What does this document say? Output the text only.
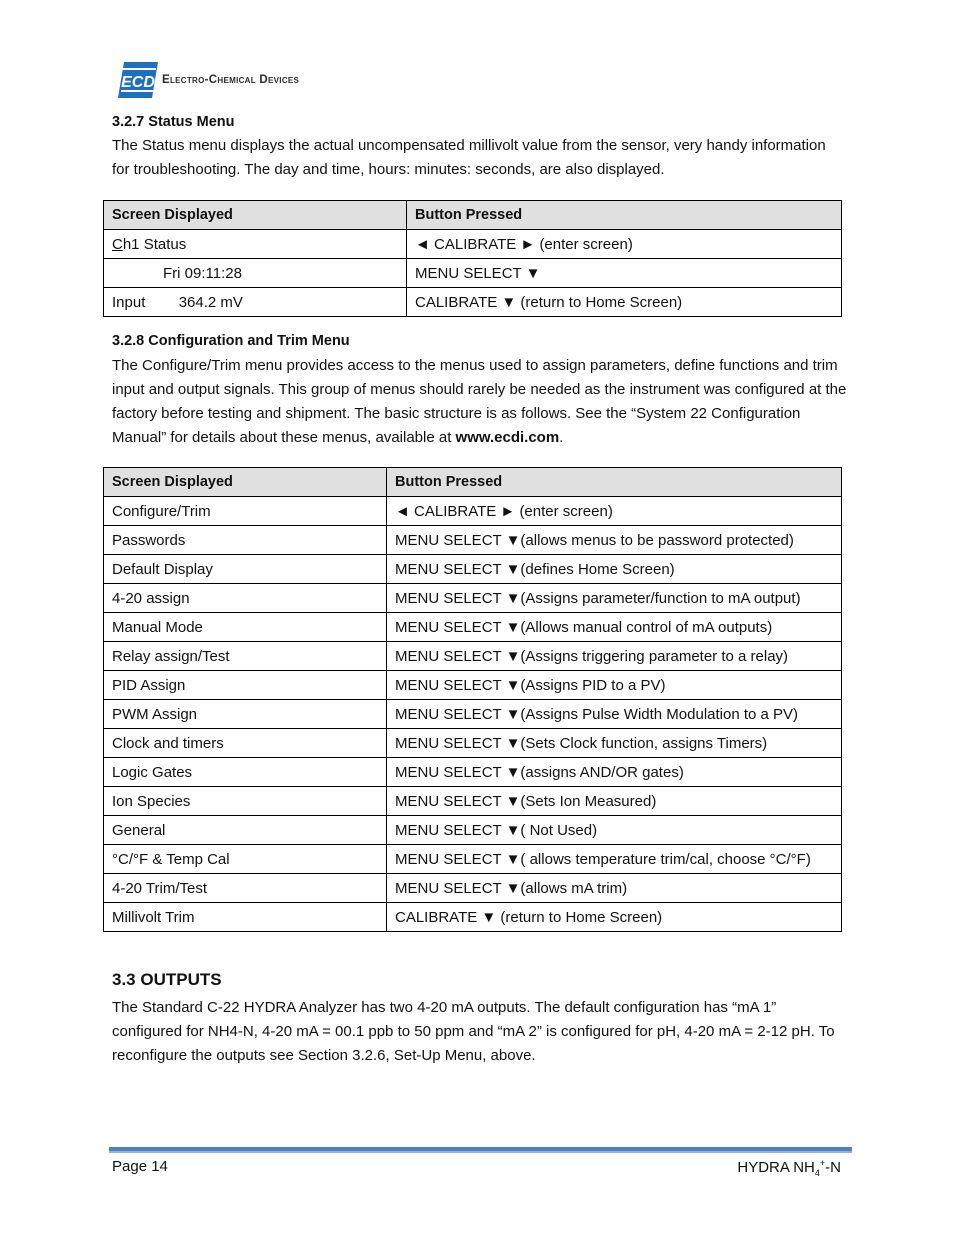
ECD Electro-Chemical Devices
3.2.7 Status Menu

The Status menu displays the actual uncompensated millivolt value from the sensor, very handy information for troubleshooting. The day and time, hours: minutes: seconds, are also displayed.

Screen Displayed	Button Pressed
Ch1 Status	◄ CALIBRATE ► (enter screen)
Fri 09:11:28	MENU SELECT ▼
Input        364.2 mV	CALIBRATE ▼ (return to Home Screen)
3.2.8 Configuration and Trim Menu

The Configure/Trim menu provides access to the menus used to assign parameters, define functions and trim input and output signals. This group of menus should rarely be needed as the instrument was configured at the factory before testing and shipment. The basic structure is as follows. See the “System 22 Configuration Manual” for details about these menus, available at www.ecdi.com.

Screen Displayed	Button Pressed
Configure/Trim	◄ CALIBRATE ► (enter screen)
Passwords	MENU SELECT ▼(allows menus to be password protected)
Default Display	MENU SELECT ▼(defines Home Screen)
4-20 assign	MENU SELECT ▼(Assigns parameter/function to mA output)
Manual Mode	MENU SELECT ▼(Allows manual control of mA outputs)
Relay assign/Test	MENU SELECT ▼(Assigns triggering parameter to a relay)
PID Assign	MENU SELECT ▼(Assigns PID to a PV)
PWM Assign	MENU SELECT ▼(Assigns Pulse Width Modulation to a PV)
Clock and timers	MENU SELECT ▼(Sets Clock function, assigns Timers)
Logic Gates	MENU SELECT ▼(assigns AND/OR gates)
Ion Species	MENU SELECT ▼(Sets Ion Measured)
General	MENU SELECT ▼( Not Used)
°C/°F & Temp Cal	MENU SELECT ▼( allows temperature trim/cal, choose °C/°F)
4-20 Trim/Test	MENU SELECT ▼(allows mA trim)
Millivolt Trim	CALIBRATE ▼ (return to Home Screen)
3.3 OUTPUTS

The Standard C-22 HYDRA Analyzer has two 4-20 mA outputs. The default configuration has “mA 1” configured for NH4-N, 4-20 mA = 00.1 ppb to 50 ppm and “mA 2” is configured for pH, 4-20 mA = 2-12 pH. To reconfigure the outputs see Section 3.2.6, Set-Up Menu, above.

Page 14	HYDRA $NH_4^+-N$
